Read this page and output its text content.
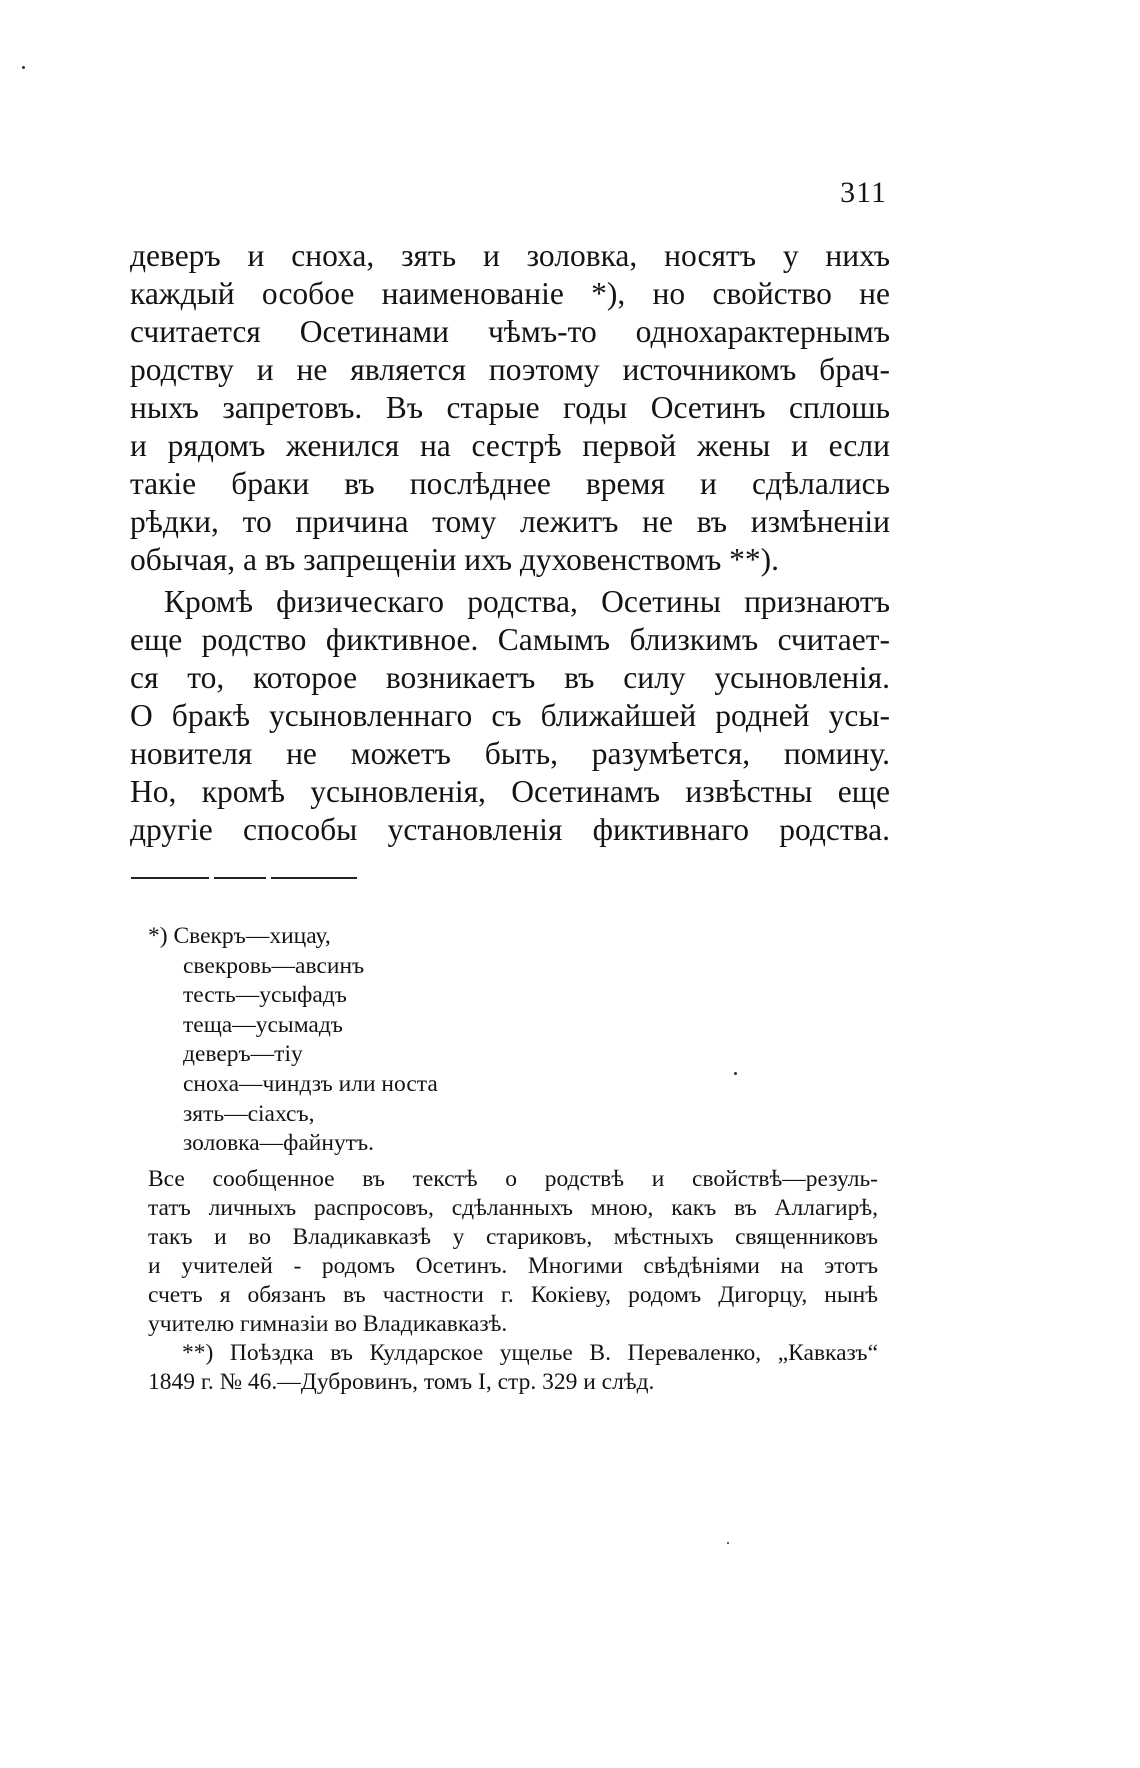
311
деверъ и сноха, зять и золовка, носятъ у нихъ
каждый особое наименованіе *), но свойство не
считается Осетинами чѣмъ-то однохарактернымъ
родству и не является поэтому источникомъ брач-
ныхъ запретовъ. Въ старые годы Осетинъ сплошь
и рядомъ женился на сестрѣ первой жены и если
такіе браки въ послѣднее время и сдѣлались
рѣдки, то причина тому лежитъ не въ измѣненіи
обычая, а въ запрещеніи ихъ духовенствомъ **).
Кромѣ физическаго родства, Осетины признаютъ
еще родство фиктивное. Самымъ близкимъ считает-
ся то, которое возникаетъ въ силу усыновленія.
О бракѣ усыновленнаго съ ближайшей родней усы-
новителя не можетъ быть, разумѣется, помину.
Но, кромѣ усыновленія, Осетинамъ извѣстны еще
другіе способы установленія фиктивнаго родства.
*) Свекръ—хицау,
свекровь—авсинъ
тесть—усыфадъ
теща—усымадъ
деверъ—тіу
сноха—чиндзъ или носта
зять—сіахсъ,
золовка—файнутъ.
Все сообщенное въ текстѣ о родствѣ и свойствѣ—резуль-
татъ личныхъ распросовъ, сдѣланныхъ мною, какъ въ Аллагирѣ,
такъ и во Владикавказѣ у стариковъ, мѣстныхъ священниковъ
и учителей - родомъ Осетинъ. Многими свѣдѣніями на этотъ
счетъ я обязанъ въ частности г. Кокіеву, родомъ Дигорцу, нынѣ
учителю гимназіи во Владикавказѣ.
**) Поѣздка въ Кулдарское ущелье В. Переваленко, „Кавказъ“
1849 г. № 46.—Дубровинъ, томъ I, стр. 329 и слѣд.
